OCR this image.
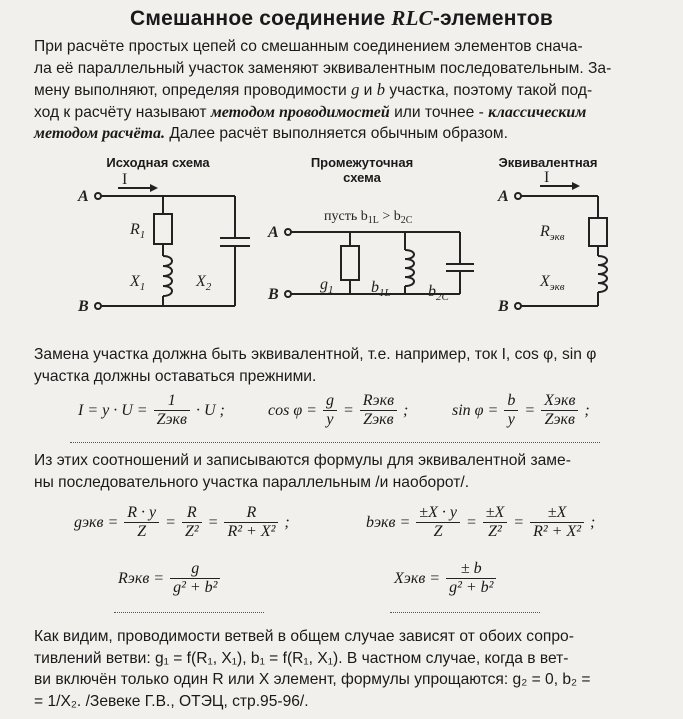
Смешанное соединение RLC-элементов
При расчёте простых цепей со смешанным соединением элементов снача-
ла её параллельный участок заменяют эквивалентным последовательным. За-
мену выполняют, определяя проводимости g и b участка, поэтому такой под-
ход к расчёту называют методом проводимостей или точнее - классическим
методом расчёта. Далее расчёт выполняется обычным образом.
Исходная схема	Промежуточная
схема
Эквивалентная
A
B
A
B
A
B
I	I
$R_1$
$X_1$	$X_2$
пусть $b_{1L} > b_{2C}$
$g_1$ $b_{1L}$ $b_{2C}$
$R_{экв}$
$X_{экв}$
Замена участка должна быть эквивалентной, т.е. например, ток I, cos φ, sin φ
участка должны оставаться прежними.
$I = y \cdot U = \frac{1}{\text{Zэкв}} \cdot U$ ;	$\cos \varphi = \frac{g}{y} = \frac{\text{Rэкв}}{\text{Zэкв}}$ ;	$\sin \varphi = \frac{b}{y} = \frac{\text{Xэкв}}{\text{Zэкв}}$ ;
Из этих соотношений и записываются формулы для эквивалентной заме-
ны последовательного участка параллельным /и наоборот/.
gэкв = $\frac{R \cdot y}{Z} = \frac{R}{\text{Z²}} = \frac{R}{\text{R² + X²}}$ ;	bэкв = $\frac{\pm X \cdot y}{Z} = \frac{\pm X}{\text{Z²}} = \frac{\pm X}{\text{R² + X²}}$ ;
Rэкв = $\frac{g}{\text{g² + b²}}$	Xэкв = $\frac{\pm b}{\text{g² + b²}}$
Как видим, проводимости ветвей в общем случае зависят от обоих сопро-
тивлений ветви: g₁ = f(R₁, X₁), b₁ = f(R₁, X₁). В частном случае, когда в вет-
ви включён только один R или X элемент, формулы упрощаются: g₂ = 0, b₂ =
= 1/X₂. /Зевеке Г.В., ОТЭЦ, стр.95-96/.
